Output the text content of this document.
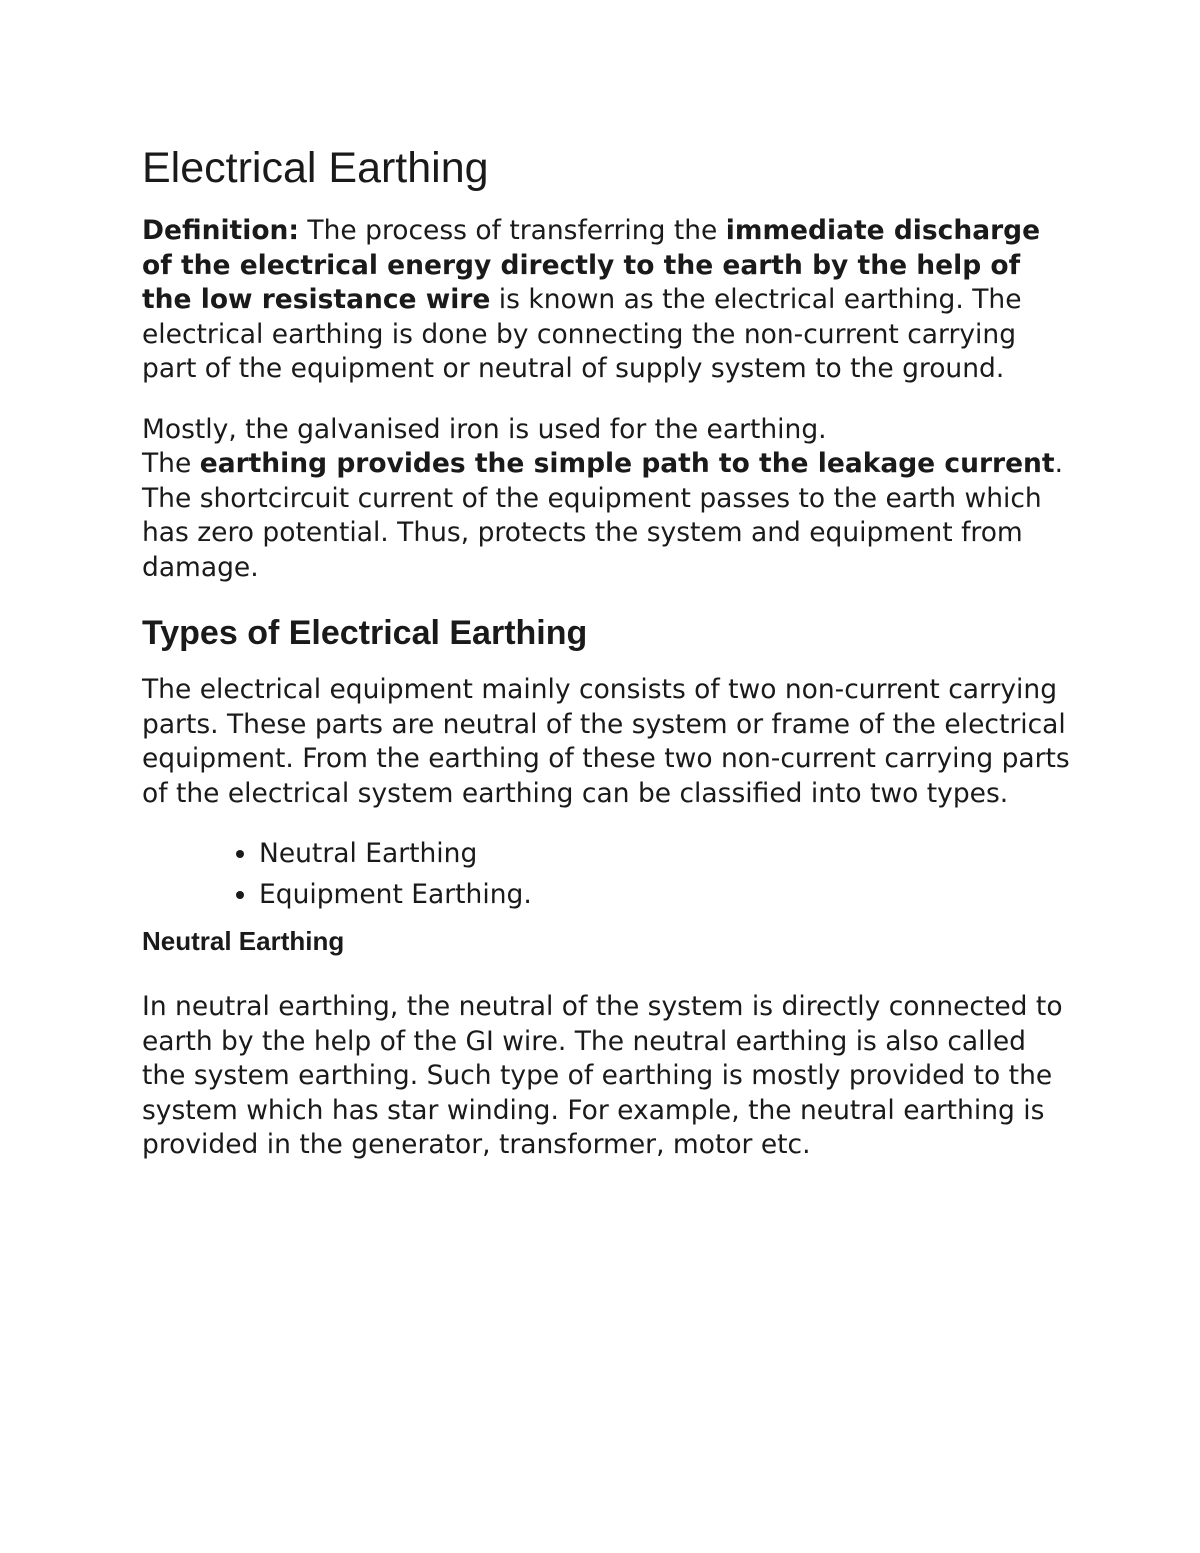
Electrical Earthing

Definition: The process of transferring the immediate discharge of the electrical energy directly to the earth by the help of the low resistance wire is known as the electrical earthing. The electrical earthing is done by connecting the non-current carrying part of the equipment or neutral of supply system to the ground.

Mostly, the galvanised iron is used for the earthing.
The earthing provides the simple path to the leakage current. The shortcircuit current of the equipment passes to the earth which has zero potential. Thus, protects the system and equipment from damage.

Types of Electrical Earthing

The electrical equipment mainly consists of two non-current carrying parts. These parts are neutral of the system or frame of the electrical equipment. From the earthing of these two non-current carrying parts of the electrical system earthing can be classified into two types.

• Neutral Earthing
• Equipment Earthing.
Neutral Earthing

In neutral earthing, the neutral of the system is directly connected to earth by the help of the GI wire. The neutral earthing is also called the system earthing. Such type of earthing is mostly provided to the system which has star winding. For example, the neutral earthing is provided in the generator, transformer, motor etc.
